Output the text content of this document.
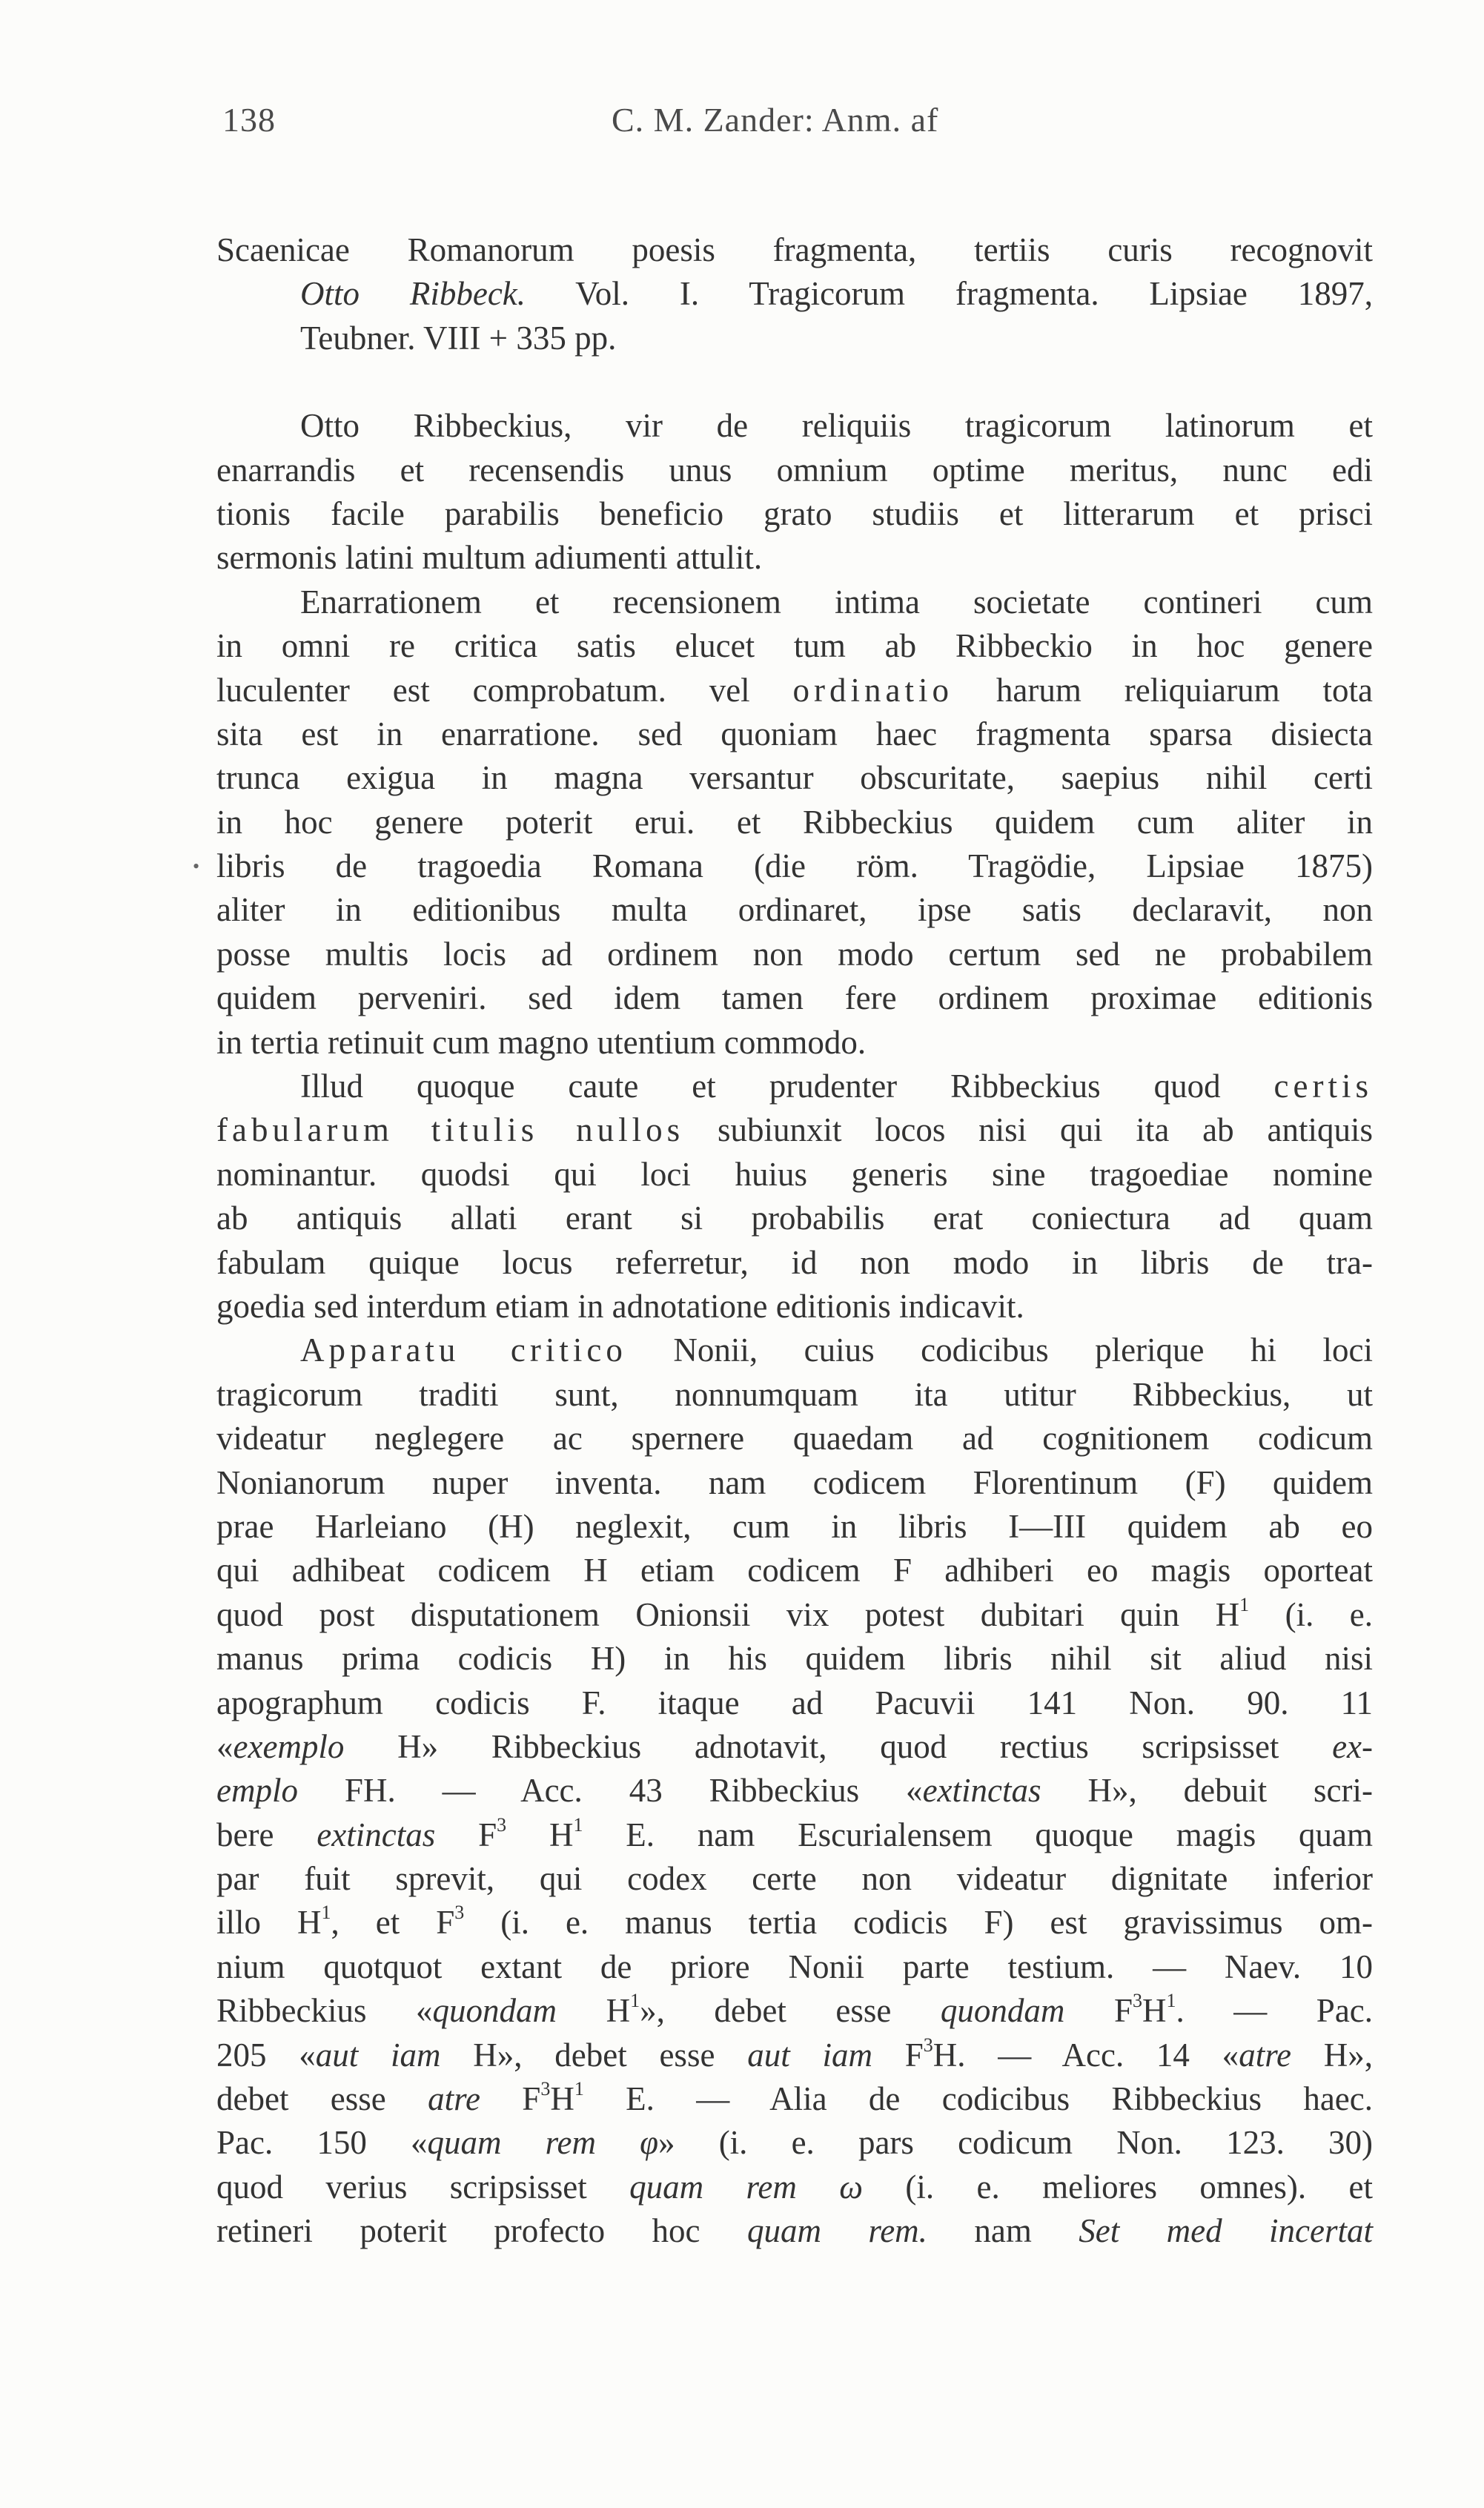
138	C. M. Zander: Anm. af
•
Scaenicae Romanorum poesis fragmenta, tertiis curis recognovit
Otto Ribbeck. Vol. I. Tragicorum fragmenta. Lipsiae 1897,
Teubner. VIII + 335 pp.
Otto Ribbeckius, vir de reliquiis tragicorum latinorum et
enarrandis et recensendis unus omnium optime meritus, nunc edi
tionis facile parabilis beneficio grato studiis et litterarum et prisci
sermonis latini multum adiumenti attulit.
Enarrationem et recensionem intima societate contineri cum
in omni re critica satis elucet tum ab Ribbeckio in hoc genere
luculenter est comprobatum. vel ordinatio harum reliquiarum tota
sita est in enarratione. sed quoniam haec fragmenta sparsa disiecta
trunca exigua in magna versantur obscuritate, saepius nihil certi
in hoc genere poterit erui. et Ribbeckius quidem cum aliter in
libris de tragoedia Romana (die röm. Tragödie, Lipsiae 1875)
aliter in editionibus multa ordinaret, ipse satis declaravit, non
posse multis locis ad ordinem non modo certum sed ne probabilem
quidem perveniri. sed idem tamen fere ordinem proximae editionis
in tertia retinuit cum magno utentium commodo.
Illud quoque caute et prudenter Ribbeckius quod certis
fabularum titulis nullos subiunxit locos nisi qui ita ab antiquis
nominantur. quodsi qui loci huius generis sine tragoediae nomine
ab antiquis allati erant si probabilis erat coniectura ad quam
fabulam quique locus referretur, id non modo in libris de tra-
goedia sed interdum etiam in adnotatione editionis indicavit.
Apparatu critico Nonii, cuius codicibus plerique hi loci
tragicorum traditi sunt, nonnumquam ita utitur Ribbeckius, ut
videatur neglegere ac spernere quaedam ad cognitionem codicum
Nonianorum nuper inventa. nam codicem Florentinum (F) quidem
prae Harleiano (H) neglexit, cum in libris I—III quidem ab eo
qui adhibeat codicem H etiam codicem F adhiberi eo magis oporteat
quod post disputationem Onionsii vix potest dubitari quin $H^1$ (i. e.
manus prima codicis H) in his quidem libris nihil sit aliud nisi
apographum codicis F. itaque ad Pacuvii 141 Non. 90. 11
«exemplo H» Ribbeckius adnotavit, quod rectius scripsisset ex-
emplo FH. — Acc. 43 Ribbeckius «extinctas H», debuit scri-
bere extinctas $F^3$ $H^1$ E. nam Escurialensem quoque magis quam
par fuit sprevit, qui codex certe non videatur dignitate inferior
illo $H^1$, et $F^3$ (i. e. manus tertia codicis F) est gravissimus om-
nium quotquot extant de priore Nonii parte testium. — Naev. 10
Ribbeckius «quondam $H^1$», debet esse quondam $F^3H^1$. — Pac.
205 «aut iam H», debet esse aut iam $F^3H$. — Acc. 14 «atre H»,
debet esse atre $F^3H^1$ E. — Alia de codicibus Ribbeckius haec.
Pac. 150 «quam rem φ» (i. e. pars codicum Non. 123. 30)
quod verius scripsisset quam rem ω (i. e. meliores omnes). et
retineri poterit profecto hoc quam rem. nam Set med incertat
